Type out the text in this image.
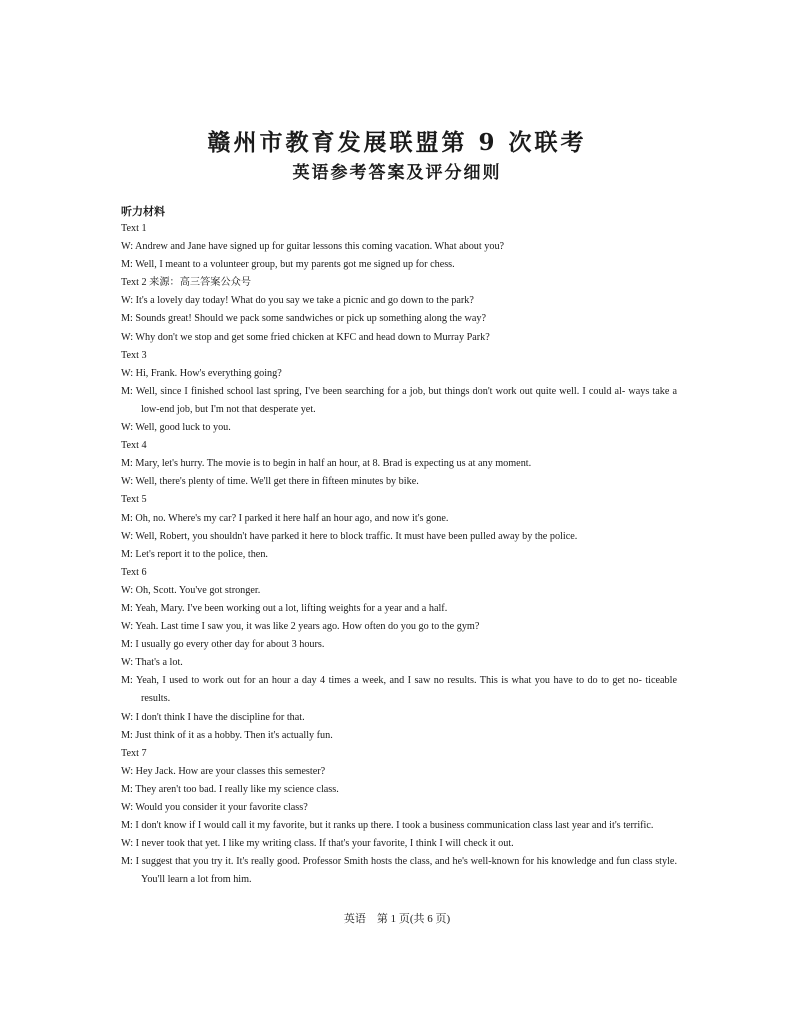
赣州市教育发展联盟第 9 次联考
英语参考答案及评分细则
听力材料
Text 1
W: Andrew and Jane have signed up for guitar lessons this coming vacation. What about you?
M: Well, I meant to a volunteer group, but my parents got me signed up for chess.
Text 2 来源：高三答案公众号
W: It's a lovely day today! What do you say we take a picnic and go down to the park?
M: Sounds great! Should we pack some sandwiches or pick up something along the way?
W: Why don't we stop and get some fried chicken at KFC and head down to Murray Park?
Text 3
W: Hi, Frank. How's everything going?
M: Well, since I finished school last spring, I've been searching for a job, but things don't work out quite well. I could al- ways take a low-end job, but I'm not that desperate yet.
W: Well, good luck to you.
Text 4
M: Mary, let's hurry. The movie is to begin in half an hour, at 8. Brad is expecting us at any moment.
W: Well, there's plenty of time. We'll get there in fifteen minutes by bike.
Text 5
M: Oh, no. Where's my car? I parked it here half an hour ago, and now it's gone.
W: Well, Robert, you shouldn't have parked it here to block traffic. It must have been pulled away by the police.
M: Let's report it to the police, then.
Text 6
W: Oh, Scott. You've got stronger.
M: Yeah, Mary. I've been working out a lot, lifting weights for a year and a half.
W: Yeah. Last time I saw you, it was like 2 years ago. How often do you go to the gym?
M: I usually go every other day for about 3 hours.
W: That's a lot.
M: Yeah, I used to work out for an hour a day 4 times a week, and I saw no results. This is what you have to do to get no- ticeable results.
W: I don't think I have the discipline for that.
M: Just think of it as a hobby. Then it's actually fun.
Text 7
W: Hey Jack. How are your classes this semester?
M: They aren't too bad. I really like my science class.
W: Would you consider it your favorite class?
M: I don't know if I would call it my favorite, but it ranks up there. I took a business communication class last year and it's terrific.
W: I never took that yet. I like my writing class. If that's your favorite, I think I will check it out.
M: I suggest that you try it. It's really good. Professor Smith hosts the class, and he's well-known for his knowledge and fun class style. You'll learn a lot from him.
英语　第 1 页(共 6 页)
